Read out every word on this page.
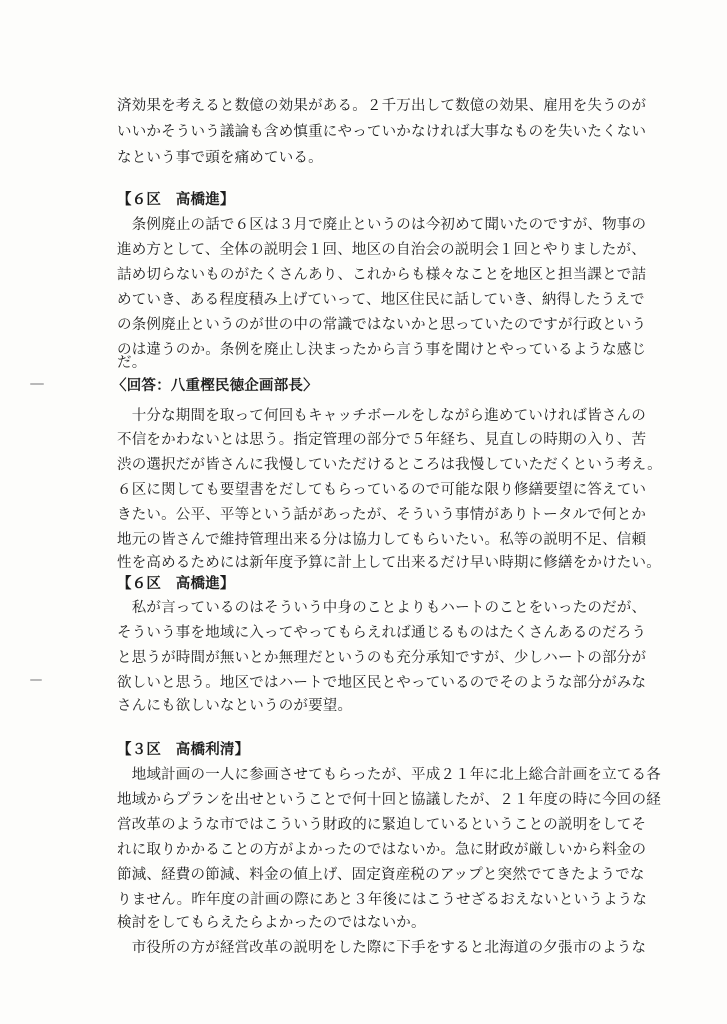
済効果を考えると数億の効果がある。２千万出して数億の効果、雇用を失うのが
いいかそういう議論も含め慎重にやっていかなければ大事なものを失いたくない
なという事で頭を痛めている。
【６区　高橋進】
　条例廃止の話で６区は３月で廃止というのは今初めて聞いたのですが、物事の
進め方として、全体の説明会１回、地区の自治会の説明会１回とやりましたが、
詰め切らないものがたくさんあり、これからも様々なことを地区と担当課とで詰
めていき、ある程度積み上げていって、地区住民に話していき、納得したうえで
の条例廃止というのが世の中の常識ではないかと思っていたのですが行政という
のは違うのか。条例を廃止し決まったから言う事を聞けとやっているような感じ
だ。
〈回答：八重樫民徳企画部長〉
　十分な期間を取って何回もキャッチボールをしながら進めていければ皆さんの
不信をかわないとは思う。指定管理の部分で５年経ち、見直しの時期の入り、苦
渋の選択だが皆さんに我慢していただけるところは我慢していただくという考え。
６区に関しても要望書をだしてもらっているので可能な限り修繕要望に答えてい
きたい。公平、平等という話があったが、そういう事情がありトータルで何とか
地元の皆さんで維持管理出来る分は協力してもらいたい。私等の説明不足、信頼
性を高めるためには新年度予算に計上して出来るだけ早い時期に修繕をかけたい。
【６区　高橋進】
　私が言っているのはそういう中身のことよりもハートのことをいったのだが、
そういう事を地域に入ってやってもらえれば通じるものはたくさんあるのだろう
と思うが時間が無いとか無理だというのも充分承知ですが、少しハートの部分が
欲しいと思う。地区ではハートで地区民とやっているのでそのような部分がみな
さんにも欲しいなというのが要望。
【３区　高橋利清】
　地域計画の一人に参画させてもらったが、平成２１年に北上総合計画を立てる各
地域からプランを出せということで何十回と協議したが、２１年度の時に今回の経
営改革のような市ではこういう財政的に緊迫しているということの説明をしてそ
れに取りかかることの方がよかったのではないか。急に財政が厳しいから料金の
節減、経費の節減、料金の値上げ、固定資産税のアップと突然でてきたようでな
りません。昨年度の計画の際にあと３年後にはこうせざるおえないというような
検討をしてもらえたらよかったのではないか。
　市役所の方が経営改革の説明をした際に下手をすると北海道の夕張市のような
